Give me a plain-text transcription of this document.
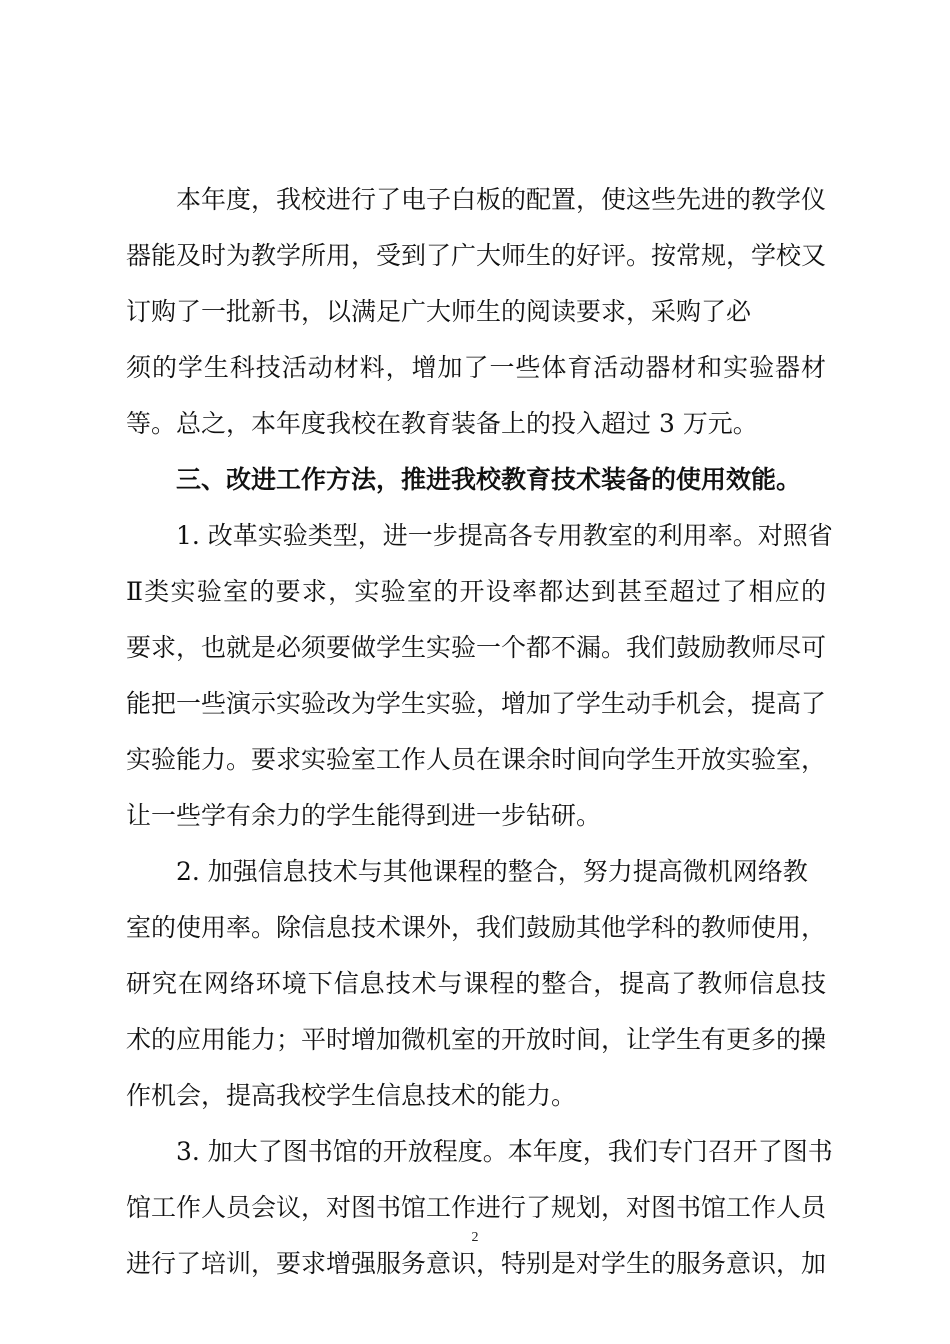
本年度，我校进行了电子白板的配置，使这些先进的教学仪
器能及时为教学所用，受到了广大师生的好评。按常规，学校又
订购了一批新书，以满足广大师生的阅读要求，采购了必
须的学生科技活动材料，增加了一些体育活动器材和实验器材
等。总之，本年度我校在教育装备上的投入超过 3 万元。
三、改进工作方法，推进我校教育技术装备的使用效能。
1. 改革实验类型，进一步提高各专用教室的利用率。对照省
Ⅱ类实验室的要求，实验室的开设率都达到甚至超过了相应的
要求，也就是必须要做学生实验一个都不漏。我们鼓励教师尽可
能把一些演示实验改为学生实验，增加了学生动手机会，提高了
实验能力。要求实验室工作人员在课余时间向学生开放实验室，
让一些学有余力的学生能得到进一步钻研。
2. 加强信息技术与其他课程的整合，努力提高微机网络教
室的使用率。除信息技术课外，我们鼓励其他学科的教师使用，
研究在网络环境下信息技术与课程的整合，提高了教师信息技
术的应用能力；平时增加微机室的开放时间，让学生有更多的操
作机会，提高我校学生信息技术的能力。
3. 加大了图书馆的开放程度。本年度，我们专门召开了图书
馆工作人员会议，对图书馆工作进行了规划，对图书馆工作人员
进行了培训，要求增强服务意识，特别是对学生的服务意识，加
2
